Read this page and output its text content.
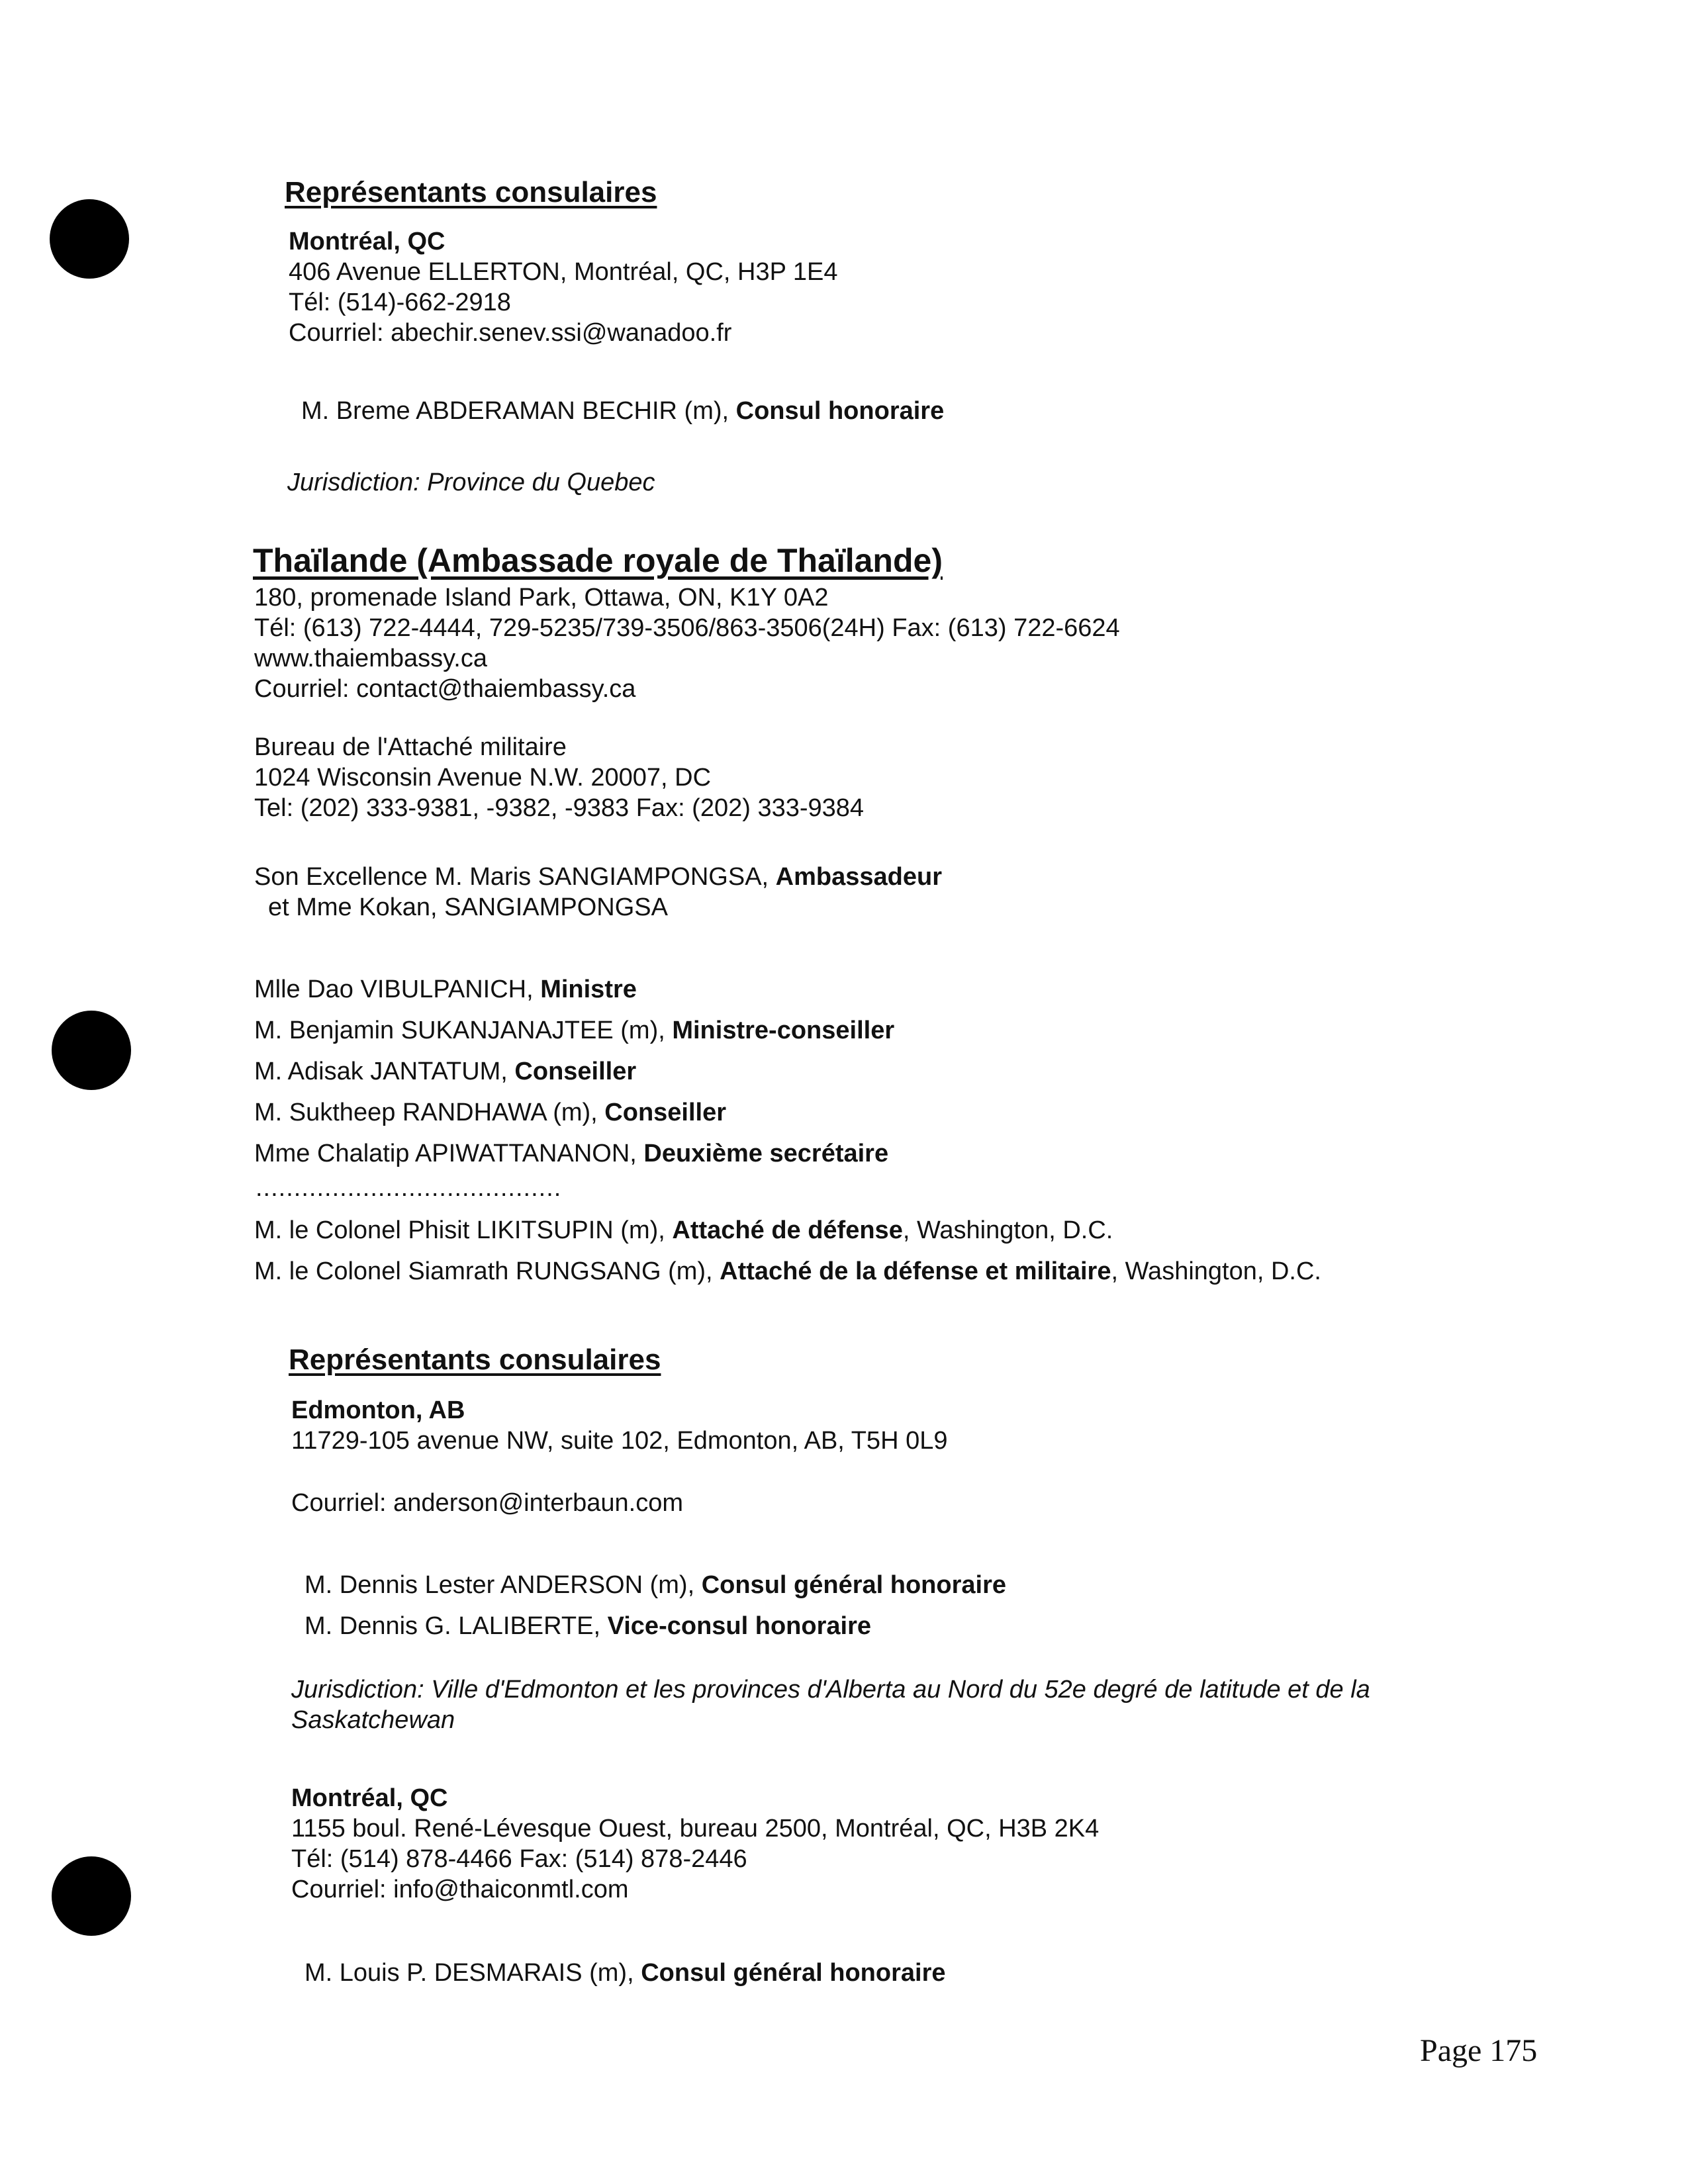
Représentants consulaires
Montréal, QC
406 Avenue ELLERTON, Montréal, QC, H3P 1E4
Tél: (514)-662-2918
Courriel: abechir.senev.ssi@wanadoo.fr
M. Breme ABDERAMAN BECHIR (m), Consul honoraire
Jurisdiction: Province du Quebec
Thaïlande (Ambassade royale de Thaïlande)
180, promenade Island Park, Ottawa, ON, K1Y 0A2
Tél: (613) 722-4444, 729-5235/739-3506/863-3506(24H) Fax: (613) 722-6624
www.thaiembassy.ca
Courriel: contact@thaiembassy.ca
Bureau de l'Attaché militaire
1024 Wisconsin Avenue N.W. 20007, DC
Tel: (202) 333-9381, -9382, -9383 Fax: (202) 333-9384
Son Excellence M. Maris SANGIAMPONGSA, Ambassadeur
et Mme Kokan, SANGIAMPONGSA
Mlle Dao VIBULPANICH, Ministre
M. Benjamin SUKANJANAJTEE (m), Ministre-conseiller
M. Adisak JANTATUM, Conseiller
M. Suktheep RANDHAWA (m), Conseiller
Mme Chalatip APIWATTANANON, Deuxième secrétaire
........................................
M. le Colonel Phisit LIKITSUPIN (m), Attaché de défense, Washington, D.C.
M. le Colonel Siamrath RUNGSANG (m), Attaché de la défense et militaire, Washington, D.C.
Représentants consulaires
Edmonton, AB
11729-105 avenue NW, suite 102, Edmonton, AB, T5H 0L9
Courriel: anderson@interbaun.com
M. Dennis Lester ANDERSON (m), Consul général honoraire
M. Dennis G. LALIBERTE, Vice-consul honoraire
Jurisdiction: Ville d'Edmonton et les provinces d'Alberta au Nord du 52e degré de latitude et de la
Saskatchewan
Montréal, QC
1155 boul. René-Lévesque Ouest, bureau 2500, Montréal, QC, H3B 2K4
Tél: (514) 878-4466 Fax: (514) 878-2446
Courriel: info@thaiconmtl.com
M. Louis P. DESMARAIS (m), Consul général honoraire
Page 175
